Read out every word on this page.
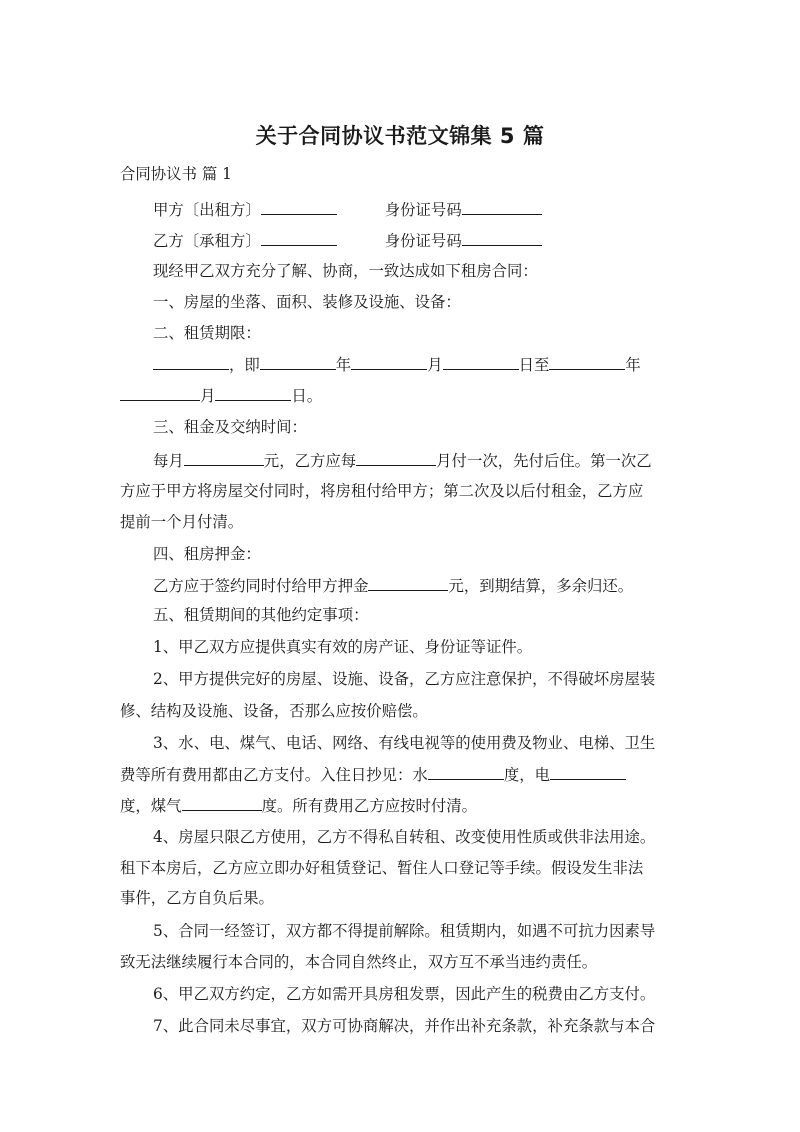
关于合同协议书范文锦集 5 篇
合同协议书 篇 1
甲方〔出租方〕	身份证号码
乙方〔承租方〕	身份证号码
现经甲乙双方充分了解、协商，一致达成如下租房合同：
一、房屋的坐落、面积、装修及设施、设备：
二、租赁期限：
，即	年	月	日至	年
月	日。
三、租金及交纳时间：
每月	元，乙方应每	月付一次，先付后住。第一次乙
方应于甲方将房屋交付同时，将房租付给甲方；第二次及以后付租金，乙方应
提前一个月付清。
四、租房押金：
乙方应于签约同时付给甲方押金	元，到期结算，多余归还。
五、租赁期间的其他约定事项：
1、甲乙双方应提供真实有效的房产证、身份证等证件。
2、甲方提供完好的房屋、设施、设备，乙方应注意保护，不得破坏房屋装
修、结构及设施、设备，否那么应按价赔偿。
3、水、电、煤气、电话、网络、有线电视等的使用费及物业、电梯、卫生
费等所有费用都由乙方支付。入住日抄见：水	度，电
度，煤气	度。所有费用乙方应按时付清。
4、房屋只限乙方使用，乙方不得私自转租、改变使用性质或供非法用途。
租下本房后，乙方应立即办好租赁登记、暂住人口登记等手续。假设发生非法
事件，乙方自负后果。
5、合同一经签订，双方都不得提前解除。租赁期内，如遇不可抗力因素导
致无法继续履行本合同的，本合同自然终止，双方互不承当违约责任。
6、甲乙双方约定，乙方如需开具房租发票，因此产生的税费由乙方支付。
7、此合同未尽事宜，双方可协商解决，并作出补充条款，补充条款与本合
